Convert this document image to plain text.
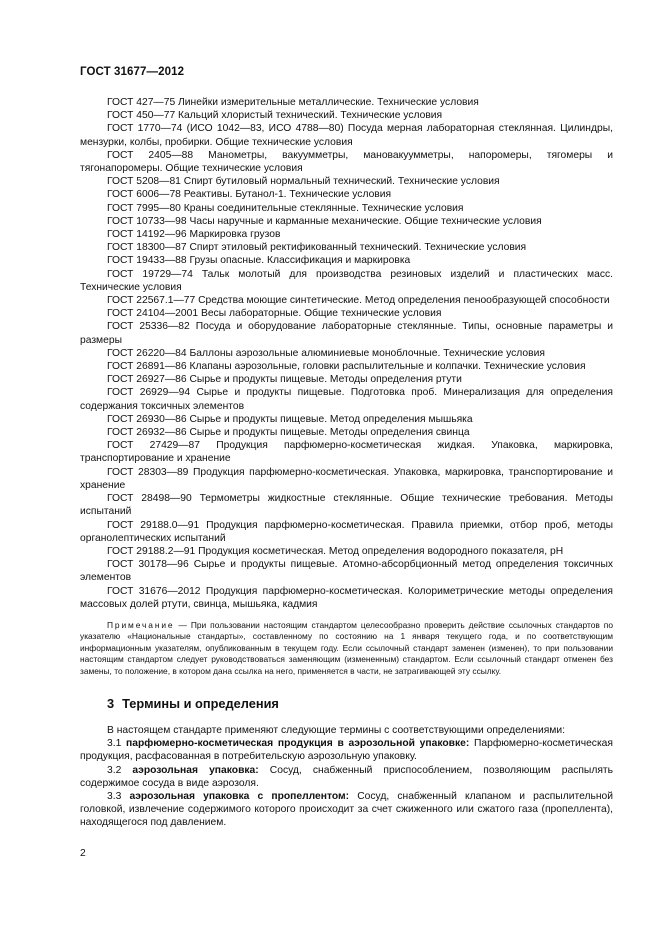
ГОСТ 31677—2012

ГОСТ 427—75 Линейки измерительные металлические. Технические условия

ГОСТ 450—77 Кальций хлористый технический. Технические условия

ГОСТ 1770—74 (ИСО 1042—83, ИСО 4788—80) Посуда мерная лабораторная стеклянная. Цилиндры, мензурки, колбы, пробирки. Общие технические условия

ГОСТ 2405—88 Манометры, вакуумметры, мановакуумметры, напоромеры, тягомеры и тягонапоромеры. Общие технические условия

ГОСТ 5208—81 Спирт бутиловый нормальный технический. Технические условия

ГОСТ 6006—78 Реактивы. Бутанол-1. Технические условия

ГОСТ 7995—80 Краны соединительные стеклянные. Технические условия

ГОСТ 10733—98 Часы наручные и карманные механические. Общие технические условия

ГОСТ 14192—96 Маркировка грузов

ГОСТ 18300—87 Спирт этиловый ректификованный технический. Технические условия

ГОСТ 19433—88 Грузы опасные. Классификация и маркировка

ГОСТ 19729—74 Тальк молотый для производства резиновых изделий и пластических масс. Технические условия

ГОСТ 22567.1—77 Средства моющие синтетические. Метод определения пенообразующей способности

ГОСТ 24104—2001 Весы лабораторные. Общие технические условия

ГОСТ 25336—82 Посуда и оборудование лабораторные стеклянные. Типы, основные параметры и размеры

ГОСТ 26220—84 Баллоны аэрозольные алюминиевые моноблочные. Технические условия

ГОСТ 26891—86 Клапаны аэрозольные, головки распылительные и колпачки. Технические условия

ГОСТ 26927—86 Сырье и продукты пищевые. Методы определения ртути

ГОСТ 26929—94 Сырье и продукты пищевые. Подготовка проб. Минерализация для определения содержания токсичных элементов

ГОСТ 26930—86 Сырье и продукты пищевые. Метод определения мышьяка

ГОСТ 26932—86 Сырье и продукты пищевые. Методы определения свинца

ГОСТ 27429—87 Продукция парфюмерно-косметическая жидкая. Упаковка, маркировка, транспортирование и хранение

ГОСТ 28303—89 Продукция парфюмерно-косметическая. Упаковка, маркировка, транспортирование и хранение

ГОСТ 28498—90 Термометры жидкостные стеклянные. Общие технические требования. Методы испытаний

ГОСТ 29188.0—91 Продукция парфюмерно-косметическая. Правила приемки, отбор проб, методы органолептических испытаний

ГОСТ 29188.2—91 Продукция косметическая. Метод определения водородного показателя, pH

ГОСТ 30178—96 Сырье и продукты пищевые. Атомно-абсорбционный метод определения токсичных элементов

ГОСТ 31676—2012 Продукция парфюмерно-косметическая. Колориметрические методы определения массовых долей ртути, свинца, мышьяка, кадмия

Примечание — При пользовании настоящим стандартом целесообразно проверить действие ссылочных стандартов по указателю «Национальные стандарты», составленному по состоянию на 1 января текущего года, и по соответствующим информационным указателям, опубликованным в текущем году. Если ссылочный стандарт заменен (изменен), то при пользовании настоящим стандартом следует руководствоваться заменяющим (измененным) стандартом. Если ссылочный стандарт отменен без замены, то положение, в котором дана ссылка на него, применяется в части, не затрагивающей эту ссылку.

3 Термины и определения

В настоящем стандарте применяют следующие термины с соответствующими определениями:

3.1 парфюмерно-косметическая продукция в аэрозольной упаковке: Парфюмерно-косметическая продукция, расфасованная в потребительскую аэрозольную упаковку.

3.2 аэрозольная упаковка: Сосуд, снабженный приспособлением, позволяющим распылять содержимое сосуда в виде аэрозоля.

3.3 аэрозольная упаковка с пропеллентом: Сосуд, снабженный клапаном и распылительной головкой, извлечение содержимого которого происходит за счет сжиженного или сжатого газа (пропеллента), находящегося под давлением.

2
